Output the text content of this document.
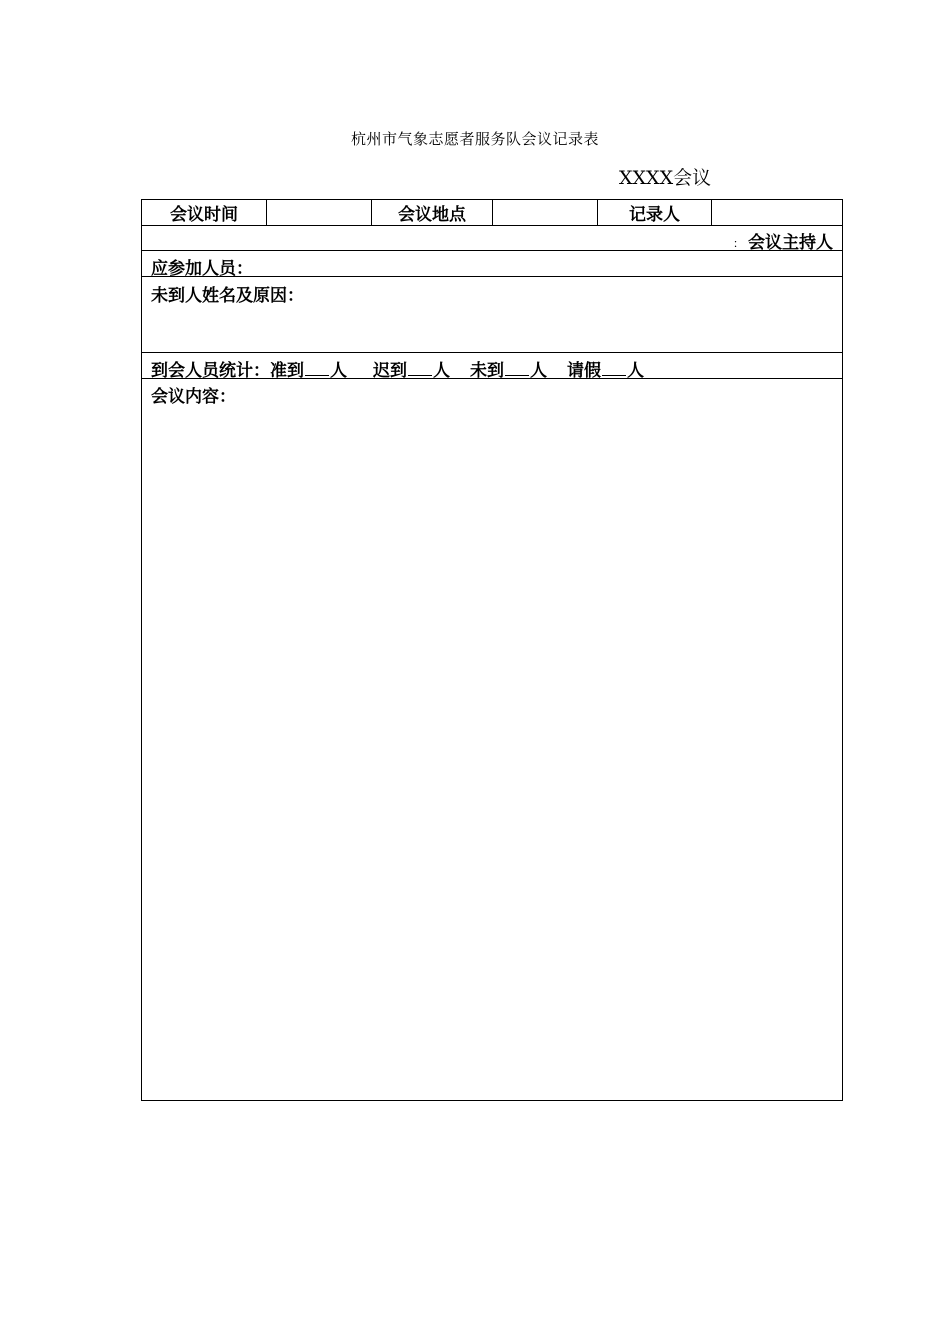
杭州市气象志愿者服务队会议记录表
XXXX会议
会议时间	会议地点	记录人
： 会议主持人
应参加人员：
未到人姓名及原因：
到会人员统计：准到 人 迟到 人 未到 人 请假 人
会议内容：
